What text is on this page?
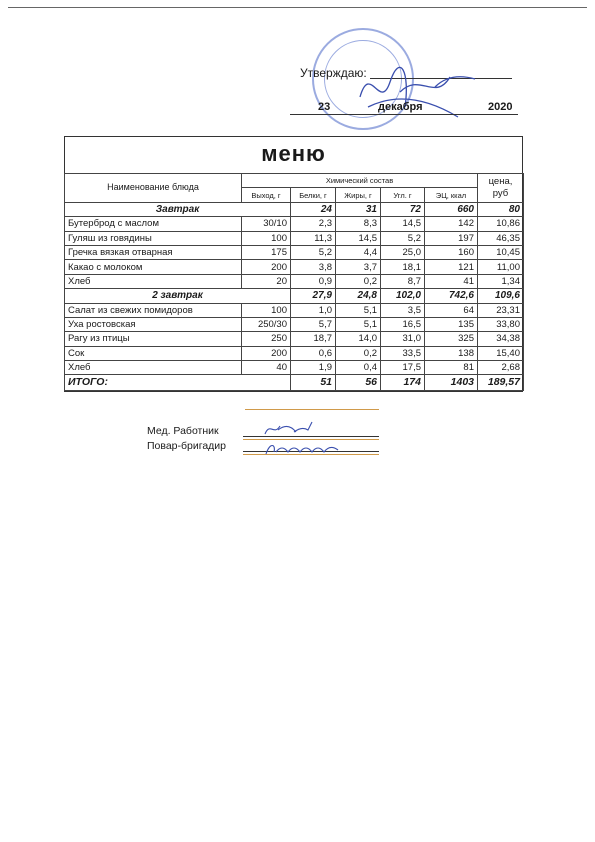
Утверждаю:
23	декабря	2020
меню
Наименование блюда	Химический состав					цена,
руб
	Выход, г	Белки, г	Жиры, г	Угл. г	ЭЦ, ккал	
Завтрак		24	31	72	660	80
Бутерброд с маслом	30/10	2,3	8,3	14,5	142	10,86
Гуляш из говядины	100	11,3	14,5	5,2	197	46,35
Гречка вязкая отварная	175	5,2	4,4	25,0	160	10,45
Какао с молоком	200	3,8	3,7	18,1	121	11,00
Хлеб	20	0,9	0,2	8,7	41	1,34
2 завтрак		27,9	24,8	102,0	742,6	109,6
Салат из свежих помидоров	100	1,0	5,1	3,5	64	23,31
Уха ростовская	250/30	5,7	5,1	16,5	135	33,80
Рагу из птицы	250	18,7	14,0	31,0	325	34,38
Сок	200	0,6	0,2	33,5	138	15,40
Хлеб	40	1,9	0,4	17,5	81	2,68
ИТОГО:		51	56	174	1403	189,57
Мед. Работник
Повар-бригадир
